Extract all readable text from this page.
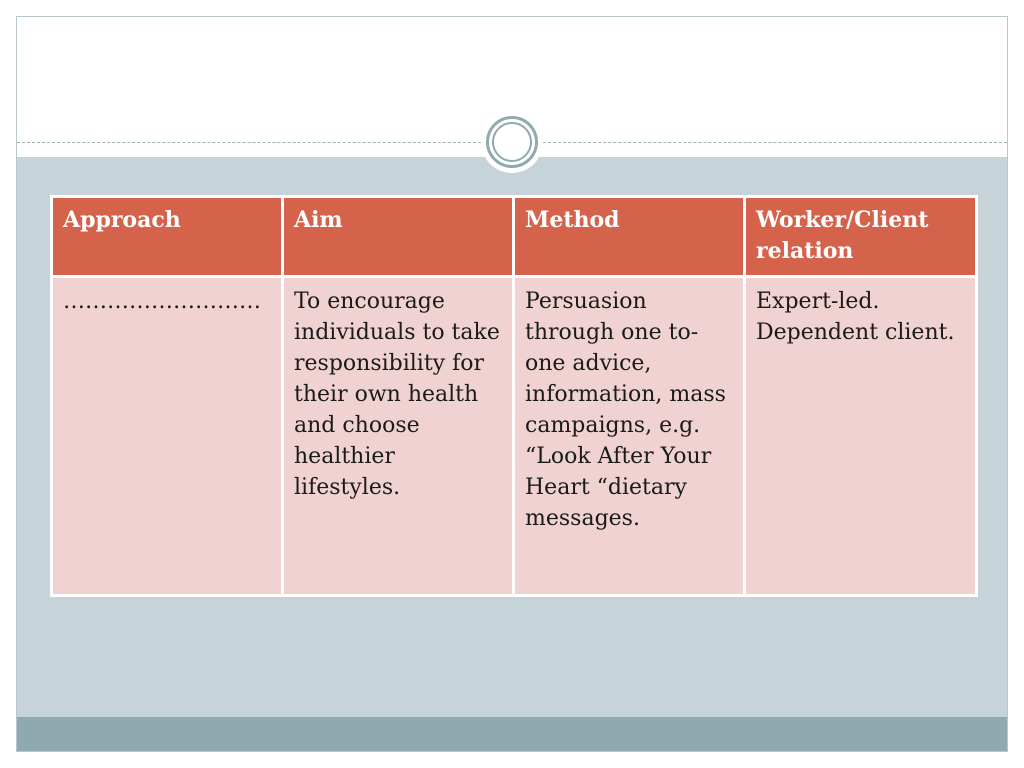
Approach	Aim	Method	Worker/Client relation

………………………	To encourage individuals to take responsibility for their own health and choose healthier lifestyles.	Persuasion through one to-one advice, information, mass campaigns, e.g. “Look After Your Heart “dietary messages.	Expert-led. Dependent client.
